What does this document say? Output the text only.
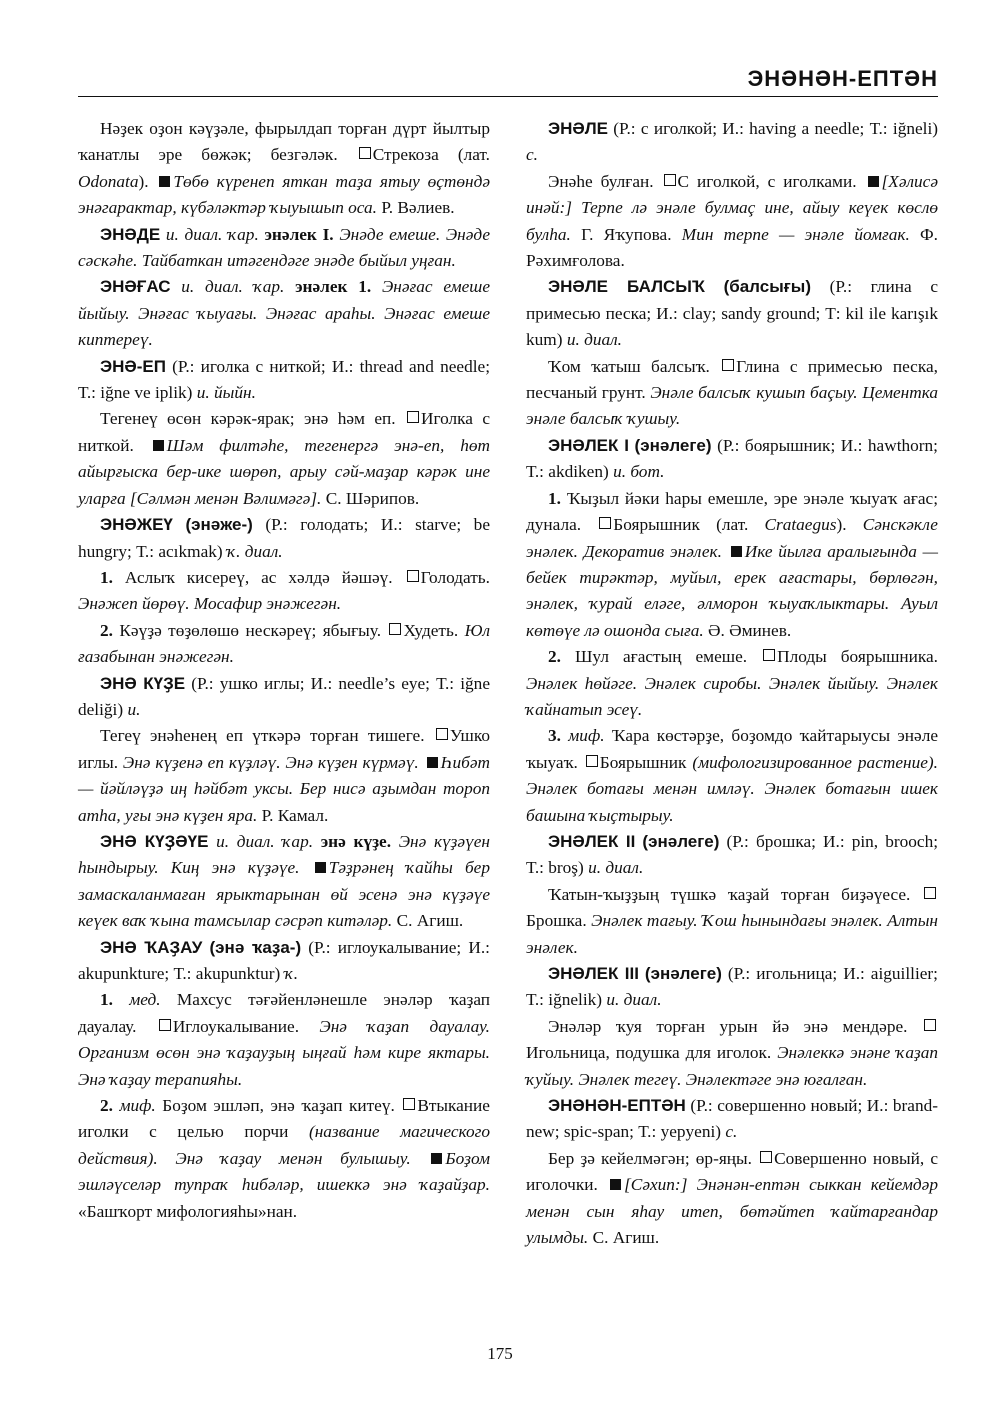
ЭНӘНӘН-ЕПТӘН

Нәҙек оҙон кәүҙәле, фырылдап торған дүрт йылтыр ҡанатлы эре бөжәк; безгәләк. Стрекоза (лат. Odonata). Төбө күренеп яткан таҙа ятыу өҫтөндә энәгарактар, күбәләктәр ҡыуышып оса. Р. Вәлиев.

ЭНӘДЕ и. диал. ҡар. энәлек I. Энәде емеше. Энәде сәскәhе. Тайбаткан итәгендәге энәде быйыл уңған.

ЭНӘҒАС и. диал. ҡар. энәлек 1. Энәғас емеше йыйыу. Энәғас ҡыуағы. Энәғас араhы. Энәғас емеше киптереү.

ЭНӘ-ЕП (Р.: иголка с ниткой; И.: thread and needle; Т.: iğne ve iplik) и. йыйн.

Тегенеү өсөн кәрәк-ярак; энә һәм еп. Иголка с ниткой. Шәм филтәhе, тегенергә энә-еп, hөт айырғыска бер-ике шөрөп, арыу сәй-маҙар кәрәк ине уларға [Сәлмән менән Вәлимәгә]. С. Шәрипов.

ЭНӘЖЕҮ (энәже-) (Р.: голодать; И.: starve; be hungry; Т.: acıkmak) ҡ. диал.

1. Аслыҡ кисереү, ас хәлдә йәшәү. Голодать. Энәжеп йөрөү. Мосафир энәжегән.

2. Кәүҙә төҙөлөшө нескәреү; ябығыу. Худеть. Юл ғазабынан энәжегән.

ЭНӘ КҮҘЕ (Р.: ушко иглы; И.: needle’s eye; Т.: iğne deliği) и.

Тегеү энәhенең еп үткәрә торған тишеге. Ушко иглы. Энә күҙенә еп күҙләү. Энә күҙен күрмәү. Һибәт — йәйләүҙә иң hәйбәт уксы. Бер нисә аҙымдан тороп атhа, уғы энә күҙен яра. Р. Камал.

ЭНӘ КҮҘӘҮЕ и. диал. ҡар. энә күҙе. Энә күҙәүен hындырыу. Киң энә күҙәүе. Тәҙрәнең ҡайhы бер замаскаланмаған ярыктарынан өй эсенә энә күҙәүе кеүек ваҡ ҡына тамсылар сәсрәп китәләр. С. Агиш.

ЭНӘ ҠАҘАУ (энә ҡаҙа-) (Р.: иглоукалывание; И.: akupunkture; Т.: akupunktur) ҡ.

1. мед. Махсус тәғәйенләнешле энәләр ҡаҙап дауалау. Иглоукалывание. Энә ҡаҙап дауалау. Организм өсөн энә ҡаҙауҙың ыңғай hәм кире яктары. Энә ҡаҙау терапияhы.

2. миф. Боҙом эшләп, энә ҡаҙап китеү. Втыкание иголки с целью порчи (название магического действия). Энә ҡаҙау менән булышыу. Боҙом эшләүселәр тупраҡ hибәләр, ишеккә энә ҡаҙайҙар. «Башҡорт мифологияhы»нан.

ЭНӘЛЕ (Р.: с иголкой; И.: having a needle; Т.: iğneli) с.

Энәhе булған. С иголкой, с иголками. [Хәлисә инәй:] Терпе лә энәле булмаç ине, айыу кеүек көслө булhа. Г. Яҡупова. Мин терпе — энәле йомғак. Ф. Рәхимғолова.

ЭНӘЛЕ БАЛСЫҠ (балсығы) (Р.: глина с примесью песка; И.: clay; sandy ground; Т: kil ile karışık kum) и. диал.

Ҡом ҡатыш балсыҡ. Глина с примесью песка, песчаный грунт. Энәле балсыҡ кушып баçыу. Цементка энәле балсыҡ ҡушыу.

ЭНӘЛЕК I (энәлеге) (Р.: боярышник; И.: hawthorn; Т.: akdiken) и. бот.

1. Ҡыҙыл йәки hары емешле, эре энәле ҡыуаҡ ағас; дунала. Боярышник (лат. Crataegus). Сәнскәкле энәлек. Декоратив энәлек. Ике йылға аралығында — бейек тирәктәр, муйыл, ерек ағастары, бөрлөгән, энәлек, ҡурай еләге, әлморон ҡыуаҡлыктары. Ауыл көтөүе лә ошонда сыға. Ә. Әминев.

2. Шул ағастың емеше. Плоды боярышника. Энәлек hөйәге. Энәлек сиробы. Энәлек йыйыу. Энәлек ҡайнатып эсеү.

3. миф. Ҡара көстәрҙе, боҙомдо ҡайтарыусы энәле ҡыуаҡ. Боярышник (мифологизированное растение). Энәлек ботағы менән имләү. Энәлек ботағын ишек башына ҡыҫтырыу.

ЭНӘЛЕК II (энәлеге) (Р.: брошка; И.: pin, brooch; Т.: broş) и. диал.

Ҡатын-ҡыҙҙың түшкә ҡаҙай торған биҙәүесе. Брошка. Энәлек тағыу. Ҡош hынындағы энәлек. Алтын энәлек.

ЭНӘЛЕК III (энәлеге) (Р.: игольница; И.: aiguillier; Т.: iğnelik) и. диал.

Энәләр ҡуя торған урын йә энә мендәре. Игольница, подушка для иголок. Энәлеккә энәне ҡаҙап ҡуйыу. Энәлек тегеү. Энәлектәге энә юғалған.

ЭНӘНӘН-ЕПТӘН (Р.: совершенно новый; И.: brand-new; spic-span; Т.: yepyeni) с.

Бер ҙә кейелмәгән; өр-яңы. Совершенно новый, с иголочки. [Сәхип:] Энәнән-ептән сыккан кейемдәр менән сын яhау итеп, бөтәйтеп ҡайтарғандар улымды. С. Агиш.

175
